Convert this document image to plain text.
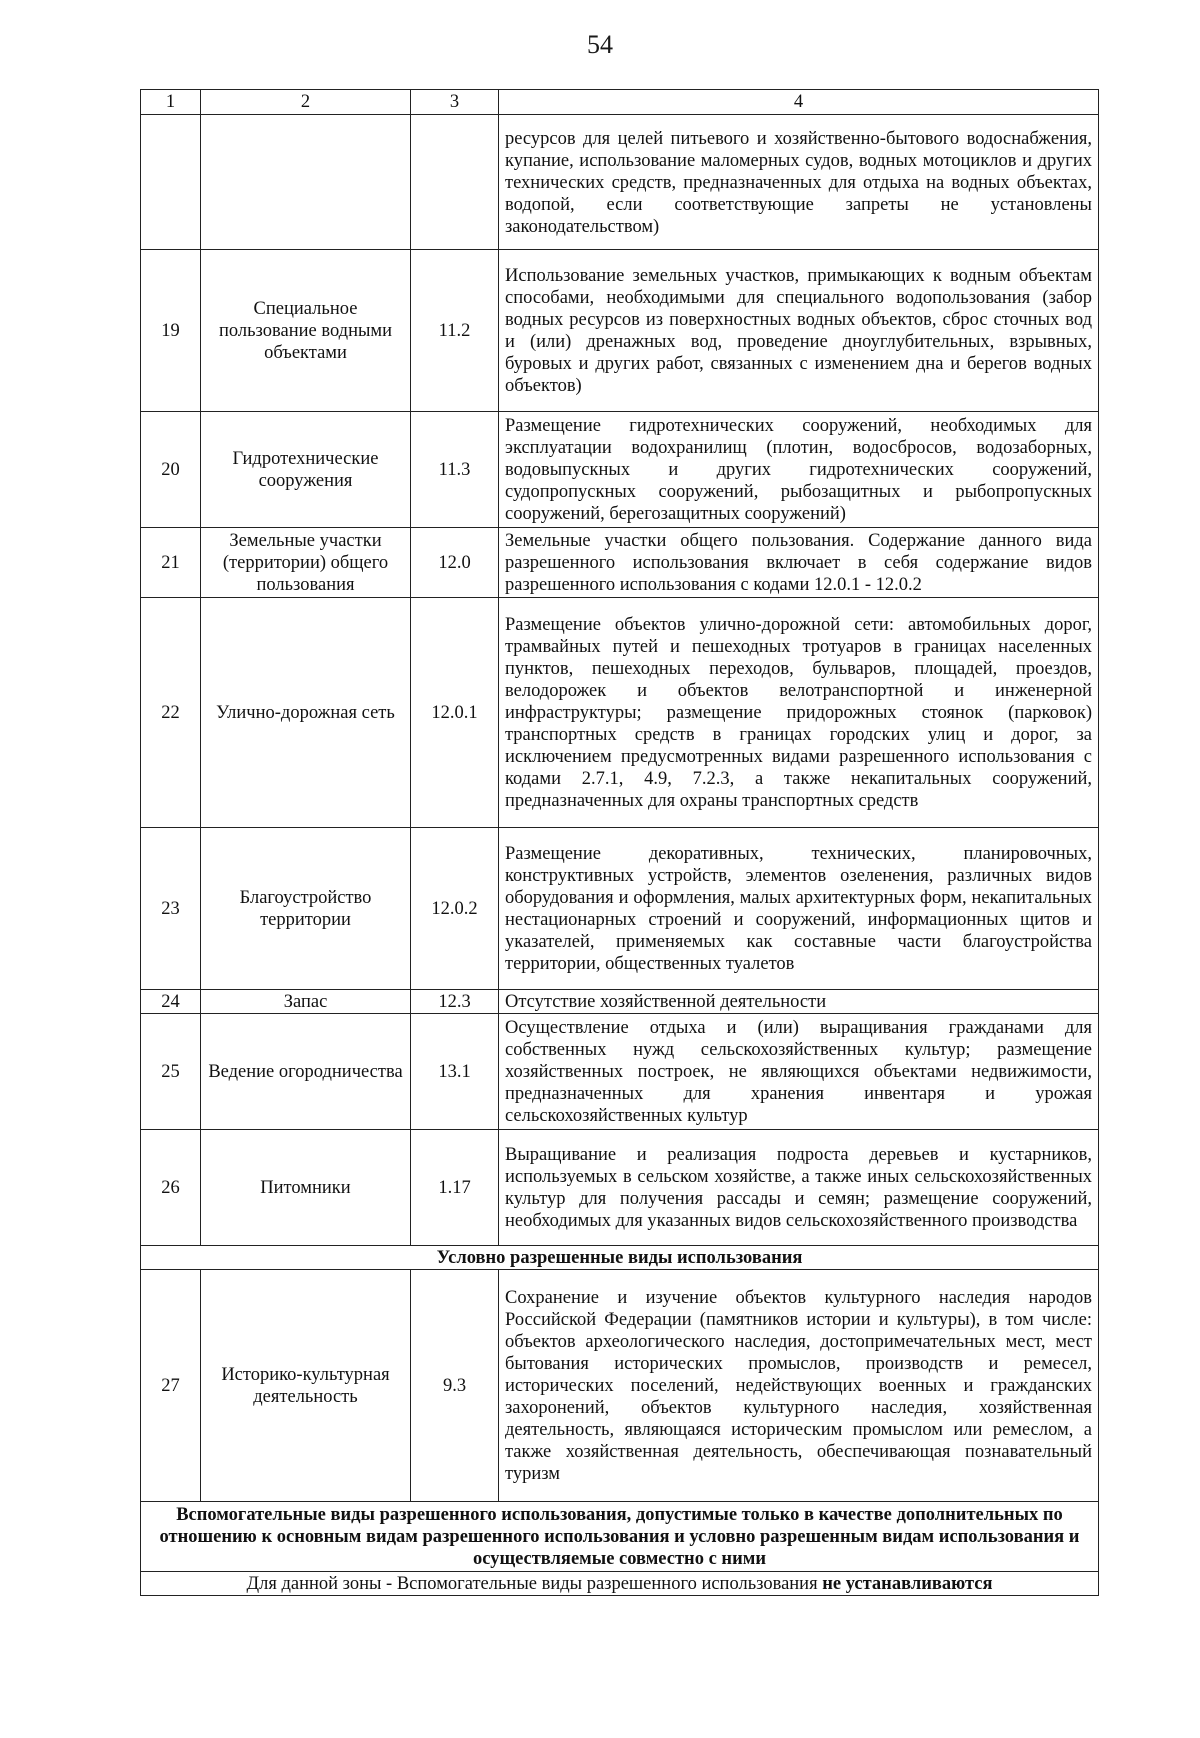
54
1	2	3	4
			ресурсов для целей питьевого и хозяйственно-бытового водоснабжения, купание, использование маломерных судов, водных мотоциклов и других технических средств, предназначенных для отдыха на водных объектах, водопой, если соответствующие запреты не установлены законодательством)
19	Специальное пользование водными объектами	11.2	Использование земельных участков, примыкающих к водным объектам способами, необходимыми для специального водопользования (забор водных ресурсов из поверхностных водных объектов, сброс сточных вод и (или) дренажных вод, проведение дноуглубительных, взрывных, буровых и других работ, связанных с изменением дна и берегов водных объектов)
20	Гидротехнические сооружения	11.3	Размещение гидротехнических сооружений, необходимых для эксплуатации водохранилищ (плотин, водосбросов, водозаборных, водовыпускных и других гидротехнических сооружений, судопропускных сооружений, рыбозащитных и рыбопропускных сооружений, берегозащитных сооружений)
21	Земельные участки (территории) общего пользования	12.0	Земельные участки общего пользования. Содержание данного вида разрешенного использования включает в себя содержание видов разрешенного использования с кодами 12.0.1 - 12.0.2
22	Улично-дорожная сеть	12.0.1	Размещение объектов улично-дорожной сети: автомобильных дорог, трамвайных путей и пешеходных тротуаров в границах населенных пунктов, пешеходных переходов, бульваров, площадей, проездов, велодорожек и объектов велотранспортной и инженерной инфраструктуры; размещение придорожных стоянок (парковок) транспортных средств в границах городских улиц и дорог, за исключением предусмотренных видами разрешенного использования с кодами 2.7.1, 4.9, 7.2.3, а также некапитальных сооружений, предназначенных для охраны транспортных средств
23	Благоустройство территории	12.0.2	Размещение декоративных, технических, планировочных, конструктивных устройств, элементов озеленения, различных видов оборудования и оформления, малых архитектурных форм, некапитальных нестационарных строений и сооружений, информационных щитов и указателей, применяемых как составные части благоустройства территории, общественных туалетов
24	Запас	12.3	Отсутствие хозяйственной деятельности
25	Ведение огородничества	13.1	Осуществление отдыха и (или) выращивания гражданами для собственных нужд сельскохозяйственных культур; размещение хозяйственных построек, не являющихся объектами недвижимости, предназначенных для хранения инвентаря и урожая сельскохозяйственных культур
26	Питомники	1.17	Выращивание и реализация подроста деревьев и кустарников, используемых в сельском хозяйстве, а также иных сельскохозяйственных культур для получения рассады и семян; размещение сооружений, необходимых для указанных видов сельскохозяйственного производства
Условно разрешенные виды использования			
27	Историко-культурная деятельность	9.3	Сохранение и изучение объектов культурного наследия народов Российской Федерации (памятников истории и культуры), в том числе: объектов археологического наследия, достопримечательных мест, мест бытования исторических промыслов, производств и ремесел, исторических поселений, недействующих военных и гражданских захоронений, объектов культурного наследия, хозяйственная деятельность, являющаяся историческим промыслом или ремеслом, а также хозяйственная деятельность, обеспечивающая познавательный туризм
Вспомогательные виды разрешенного использования, допустимые только в качестве дополнительных по отношению к основным видам разрешенного использования и условно разрешенным видам использования и осуществляемые совместно с ними			
Для данной зоны - Вспомогательные виды разрешенного использования не устанавливаются			
